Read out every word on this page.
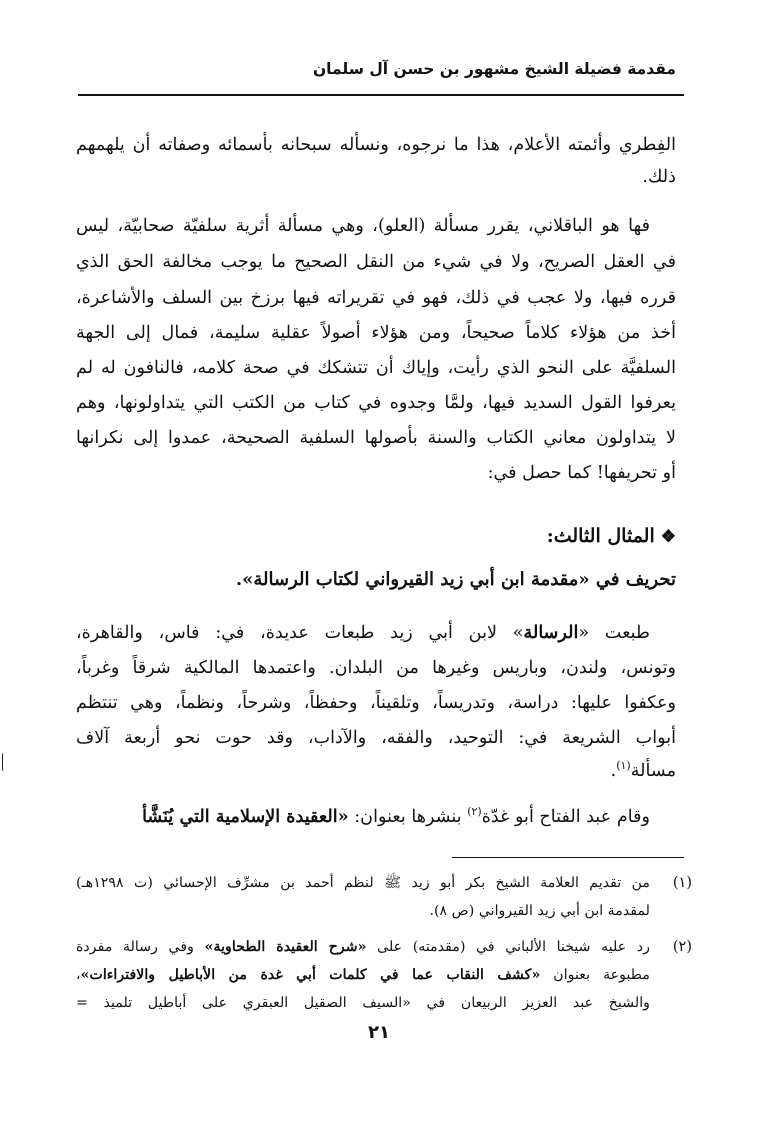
مقدمة فضيلة الشيخ مشهور بن حسن آل سلمان
الفِطري وأئمته الأعلام، هذا ما نرجوه، ونسأله سبحانه بأسمائه وصفاته أن يلهمهم
ذلك.
فها هو الباقلاني، يقرر مسألة (العلو)، وهي مسألة أثرية سلفيّة صحابيّة، ليس
في العقل الصريح، ولا في شيء من النقل الصحيح ما يوجب مخالفة الحق الذي
قرره فيها، ولا عجب في ذلك، فهو في تقريراته فيها برزخ بين السلف والأشاعرة،
أخذ من هؤلاء كلاماً صحيحاً، ومن هؤلاء أصولاً عقلية سليمة، فمال إلى الجهة
السلفيَّة على النحو الذي رأيت، وإياك أن تتشكك في صحة كلامه، فالنافون له لم
يعرفوا القول السديد فيها، ولمَّا وجدوه في كتاب من الكتب التي يتداولونها، وهم
لا يتداولون معاني الكتاب والسنة بأصولها السلفية الصحيحة، عمدوا إلى نكرانها
أو تحريفها! كما حصل في:
❖المثال الثالث:
تحريف في «مقدمة ابن أبي زيد القيرواني لكتاب الرسالة».
طبعت «الرسالة» لابن أبي زيد طبعات عديدة، في: فاس، والقاهرة،
وتونس، ولندن، وباريس وغيرها من البلدان. واعتمدها المالكية شرقاً وغرباً،
وعكفوا عليها: دراسة، وتدريساً، وتلقيناً، وحفظاً، وشرحاً، ونظماً، وهي تنتظم
أبواب الشريعة في: التوحيد، والفقه، والآداب، وقد حوت نحو أربعة آلاف
مسألة$^{(١)}$.
وقام عبد الفتاح أبو غدّة$^{(٢)}$ بنشرها بعنوان: «العقيدة الإسلامية التي يُنَشَّأ
(١)
من تقديم العلامة الشيخ بكر أبو زيد ﷺ لنظم أحمد بن مشرِّف الإحسائي (ت ١٢٩٨هـ)
لمقدمة ابن أبي زيد القيرواني (ص ٨).
(٢)
رد عليه شيخنا الألباني في (مقدمته) على «شرح العقيدة الطحاوية» وفي رسالة مفردة
مطبوعة بعنوان «كشف النقاب عما في كلمات أبي غدة من الأباطيل والافتراءات»،
والشيخ عبد العزيز الربيعان في «السيف الصقيل العبقري على أباطيل تلميذ =
٢١
